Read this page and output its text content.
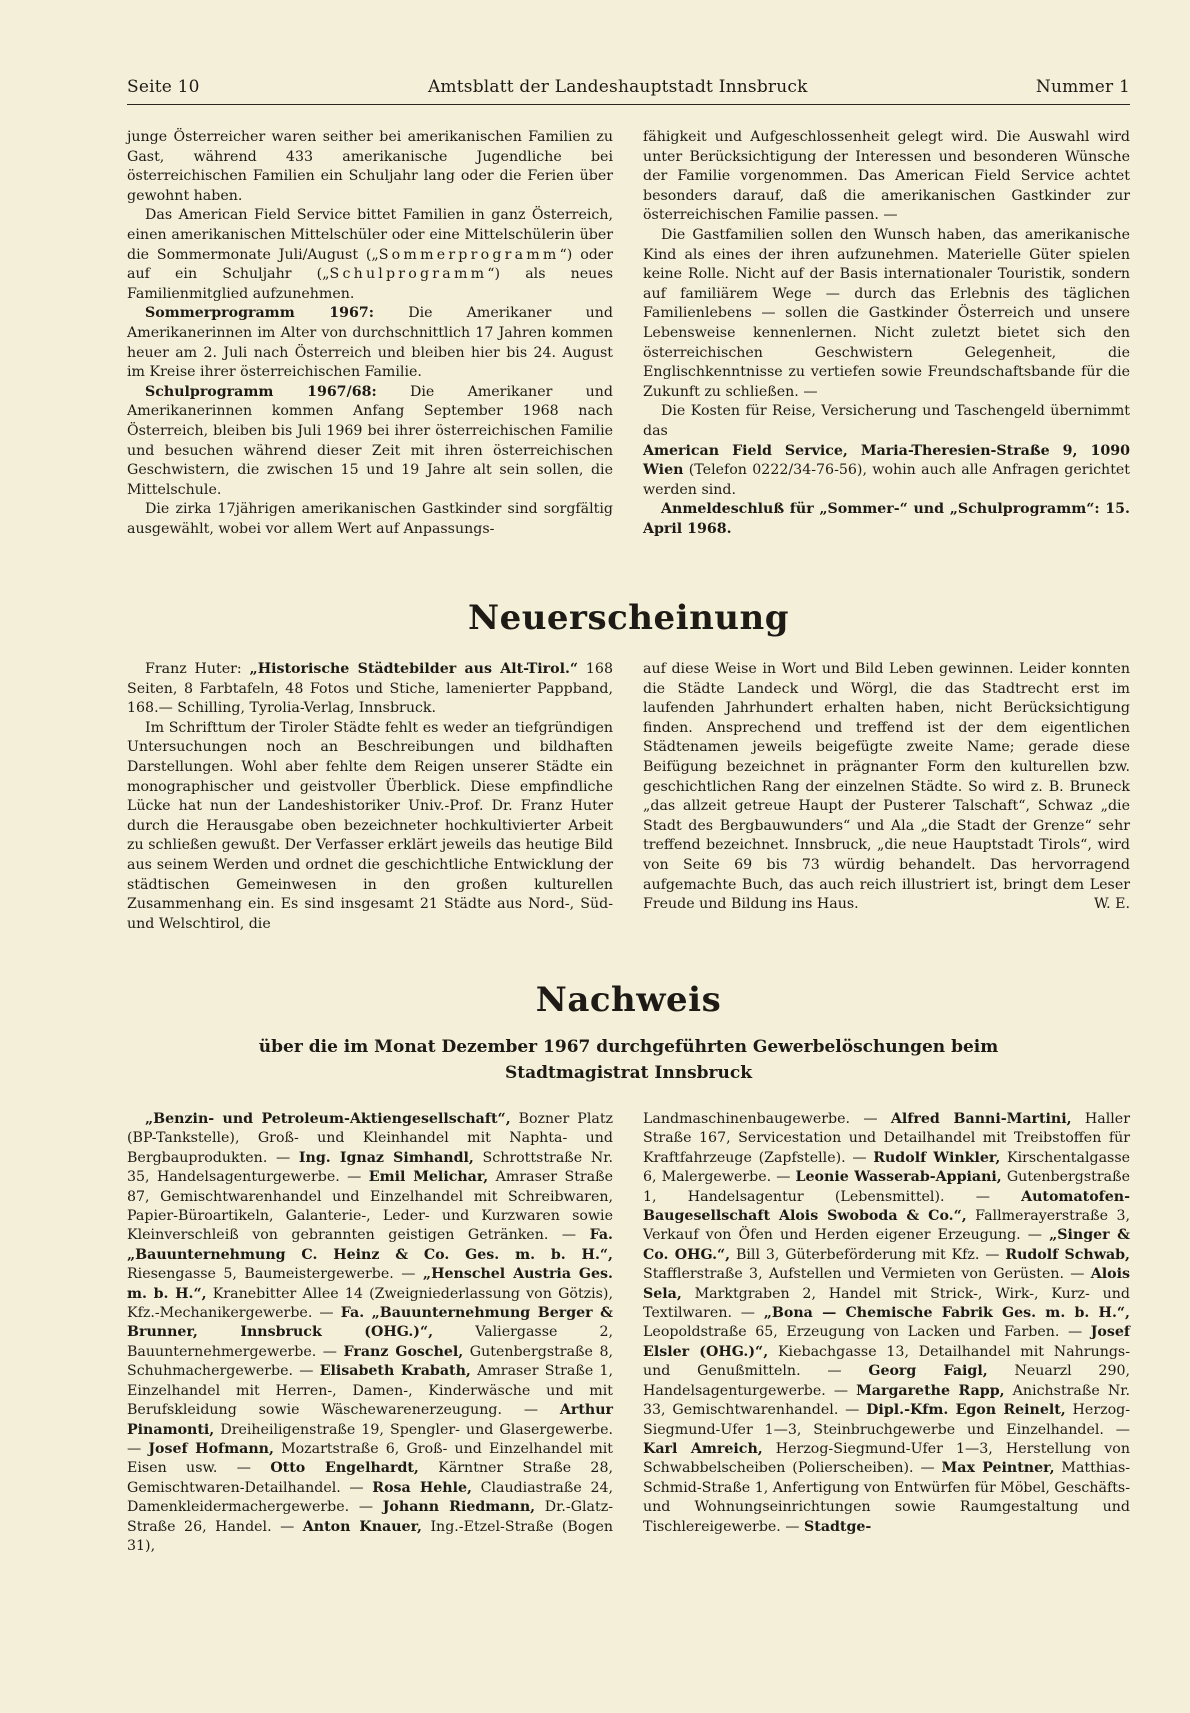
Seite 10	Amtsblatt der Landeshauptstadt Innsbruck	Nummer 1

junge Österreicher waren seither bei amerikanischen Familien zu Gast, während 433 amerikanische Jugendliche bei österreichischen Familien ein Schuljahr lang oder die Ferien über gewohnt haben.

Das American Field Service bittet Familien in ganz Österreich, einen amerikanischen Mittelschüler oder eine Mittelschülerin über die Sommermonate Juli/August („Sommerprogramm“) oder auf ein Schuljahr („Schulprogramm“) als neues Familienmitglied aufzunehmen.

Sommerprogramm 1967: Die Amerikaner und Amerikanerinnen im Alter von durchschnittlich 17 Jahren kommen heuer am 2. Juli nach Österreich und bleiben hier bis 24. August im Kreise ihrer österreichischen Familie.

Schulprogramm 1967/68: Die Amerikaner und Amerikanerinnen kommen Anfang September 1968 nach Österreich, bleiben bis Juli 1969 bei ihrer österreichischen Familie und besuchen während dieser Zeit mit ihren österreichischen Geschwistern, die zwischen 15 und 19 Jahre alt sein sollen, die Mittelschule.

Die zirka 17jährigen amerikanischen Gastkinder sind sorgfältig ausgewählt, wobei vor allem Wert auf Anpassungs-

fähigkeit und Aufgeschlossenheit gelegt wird. Die Auswahl wird unter Berücksichtigung der Interessen und besonderen Wünsche der Familie vorgenommen. Das American Field Service achtet besonders darauf, daß die amerikanischen Gastkinder zur österreichischen Familie passen. —

Die Gastfamilien sollen den Wunsch haben, das amerikanische Kind als eines der ihren aufzunehmen. Materielle Güter spielen keine Rolle. Nicht auf der Basis internationaler Touristik, sondern auf familiärem Wege — durch das Erlebnis des täglichen Familienlebens — sollen die Gastkinder Österreich und unsere Lebensweise kennenlernen. Nicht zuletzt bietet sich den österreichischen Geschwistern Gelegenheit, die Englischkenntnisse zu vertiefen sowie Freundschaftsbande für die Zukunft zu schließen. —

Die Kosten für Reise, Versicherung und Taschengeld übernimmt das

American Field Service, Maria-Theresien-Straße 9, 1090 Wien (Telefon 0222/34-76-56), wohin auch alle Anfragen gerichtet werden sind.

Anmeldeschluß für „Sommer-“ und „Schulprogramm“: 15. April 1968.

Neuerscheinung

Franz Huter: „Historische Städtebilder aus Alt-Tirol.“ 168 Seiten, 8 Farbtafeln, 48 Fotos und Stiche, lamenierter Pappband, 168.— Schilling, Tyrolia-Verlag, Innsbruck.

Im Schrifttum der Tiroler Städte fehlt es weder an tiefgründigen Untersuchungen noch an Beschreibungen und bildhaften Darstellungen. Wohl aber fehlte dem Reigen unserer Städte ein monographischer und geistvoller Überblick. Diese empfindliche Lücke hat nun der Landeshistoriker Univ.-Prof. Dr. Franz Huter durch die Herausgabe oben bezeichneter hochkultivierter Arbeit zu schließen gewußt. Der Verfasser erklärt jeweils das heutige Bild aus seinem Werden und ordnet die geschichtliche Entwicklung der städtischen Gemeinwesen in den großen kulturellen Zusammenhang ein. Es sind insgesamt 21 Städte aus Nord-, Süd- und Welschtirol, die

auf diese Weise in Wort und Bild Leben gewinnen. Leider konnten die Städte Landeck und Wörgl, die das Stadtrecht erst im laufenden Jahrhundert erhalten haben, nicht Berücksichtigung finden. Ansprechend und treffend ist der dem eigentlichen Städtenamen jeweils beigefügte zweite Name; gerade diese Beifügung bezeichnet in prägnanter Form den kulturellen bzw. geschichtlichen Rang der einzelnen Städte. So wird z. B. Bruneck „das allzeit getreue Haupt der Pusterer Talschaft“, Schwaz „die Stadt des Bergbauwunders“ und Ala „die Stadt der Grenze“ sehr treffend bezeichnet. Innsbruck, „die neue Hauptstadt Tirols“, wird von Seite 69 bis 73 würdig behandelt. Das hervorragend aufgemachte Buch, das auch reich illustriert ist, bringt dem Leser Freude und Bildung ins Haus.	W. E.

Nachweis
über die im Monat Dezember 1967 durchgeführten Gewerbelöschungen beim
Stadtmagistrat Innsbruck

„Benzin- und Petroleum-Aktiengesellschaft“, Bozner Platz (BP-Tankstelle), Groß- und Kleinhandel mit Naphta- und Bergbauprodukten. — Ing. Ignaz Simhandl, Schrottstraße Nr. 35, Handelsagenturgewerbe. — Emil Melichar, Amraser Straße 87, Gemischtwarenhandel und Einzelhandel mit Schreibwaren, Papier-Büroartikeln, Galanterie-, Leder- und Kurzwaren sowie Kleinverschleiß von gebrannten geistigen Getränken. — Fa. „Bauunternehmung C. Heinz & Co. Ges. m. b. H.“, Riesengasse 5, Baumeistergewerbe. — „Henschel Austria Ges. m. b. H.“, Kranebitter Allee 14 (Zweigniederlassung von Götzis), Kfz.-Mechanikergewerbe. — Fa. „Bauunternehmung Berger & Brunner, Innsbruck (OHG.)“, Valiergasse 2, Bauunternehmergewerbe. — Franz Goschel, Gutenbergstraße 8, Schuhmachergewerbe. — Elisabeth Krabath, Amraser Straße 1, Einzelhandel mit Herren-, Damen-, Kinderwäsche und mit Berufskleidung sowie Wäschewarenerzeugung. — Arthur Pinamonti, Dreiheiligenstraße 19, Spengler- und Glasergewerbe. — Josef Hofmann, Mozartstraße 6, Groß- und Einzelhandel mit Eisen usw. — Otto Engelhardt, Kärntner Straße 28, Gemischtwaren-Detailhandel. — Rosa Hehle, Claudiastraße 24, Damenkleidermachergewerbe. — Johann Riedmann, Dr.-Glatz-Straße 26, Handel. — Anton Knauer, Ing.-Etzel-Straße (Bogen 31),

Landmaschinenbaugewerbe. — Alfred Banni-Martini, Haller Straße 167, Servicestation und Detailhandel mit Treibstoffen für Kraftfahrzeuge (Zapfstelle). — Rudolf Winkler, Kirschentalgasse 6, Malergewerbe. — Leonie Wasserab-Appiani, Gutenbergstraße 1, Handelsagentur (Lebensmittel). — Automatofen-Baugesellschaft Alois Swoboda & Co.“, Fallmerayerstraße 3, Verkauf von Öfen und Herden eigener Erzeugung. — „Singer & Co. OHG.“, Bill 3, Güterbeförderung mit Kfz. — Rudolf Schwab, Stafflerstraße 3, Aufstellen und Vermieten von Gerüsten. — Alois Sela, Marktgraben 2, Handel mit Strick-, Wirk-, Kurz- und Textilwaren. — „Bona — Chemische Fabrik Ges. m. b. H.“, Leopoldstraße 65, Erzeugung von Lacken und Farben. — Josef Elsler (OHG.)“, Kiebachgasse 13, Detailhandel mit Nahrungs- und Genußmitteln. — Georg Faigl, Neuarzl 290, Handelsagenturgewerbe. — Margarethe Rapp, Anichstraße Nr. 33, Gemischtwarenhandel. — Dipl.-Kfm. Egon Reinelt, Herzog-Siegmund-Ufer 1—3, Steinbruchgewerbe und Einzelhandel. — Karl Amreich, Herzog-Siegmund-Ufer 1—3, Herstellung von Schwabbelscheiben (Polierscheiben). — Max Peintner, Matthias-Schmid-Straße 1, Anfertigung von Entwürfen für Möbel, Geschäfts- und Wohnungseinrichtungen sowie Raumgestaltung und Tischlereigewerbe. — Stadtge-
